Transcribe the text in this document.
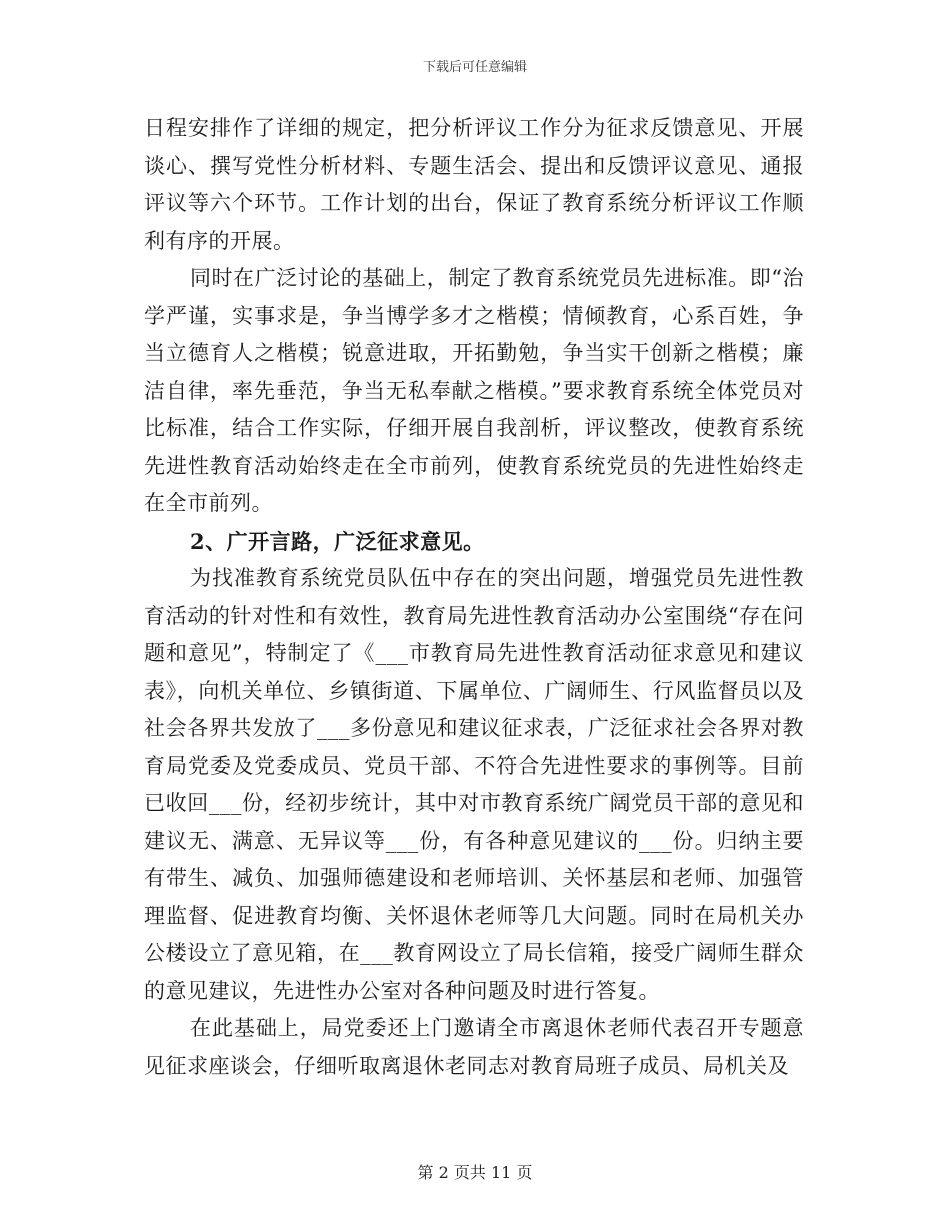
下载后可任意编辑

日程安排作了详细的规定，把分析评议工作分为征求反馈意见、开展谈心、撰写党性分析材料、专题生活会、提出和反馈评议意见、通报评议等六个环节。工作计划的出台，保证了教育系统分析评议工作顺利有序的开展。

同时在广泛讨论的基础上，制定了教育系统党员先进标准。即“治学严谨，实事求是，争当博学多才之楷模；情倾教育，心系百姓，争当立德育人之楷模；锐意进取，开拓勤勉，争当实干创新之楷模；廉洁自律，率先垂范，争当无私奉献之楷模。”要求教育系统全体党员对比标准，结合工作实际，仔细开展自我剖析，评议整改，使教育系统先进性教育活动始终走在全市前列，使教育系统党员的先进性始终走在全市前列。

2、广开言路，广泛征求意见。

为找准教育系统党员队伍中存在的突出问题，增强党员先进性教育活动的针对性和有效性，教育局先进性教育活动办公室围绕“存在问题和意见”，特制定了《___市教育局先进性教育活动征求意见和建议表》，向机关单位、乡镇街道、下属单位、广阔师生、行风监督员以及社会各界共发放了___多份意见和建议征求表，广泛征求社会各界对教育局党委及党委成员、党员干部、不符合先进性要求的事例等。目前已收回___份，经初步统计，其中对市教育系统广阔党员干部的意见和建议无、满意、无异议等___份，有各种意见建议的___份。归纳主要有带生、减负、加强师德建设和老师培训、关怀基层和老师、加强管理监督、促进教育均衡、关怀退休老师等几大问题。同时在局机关办公楼设立了意见箱，在___教育网设立了局长信箱，接受广阔师生群众的意见建议，先进性办公室对各种问题及时进行答复。

在此基础上，局党委还上门邀请全市离退休老师代表召开专题意见征求座谈会，仔细听取离退休老同志对教育局班子成员、局机关及

第 2 页共 11 页
